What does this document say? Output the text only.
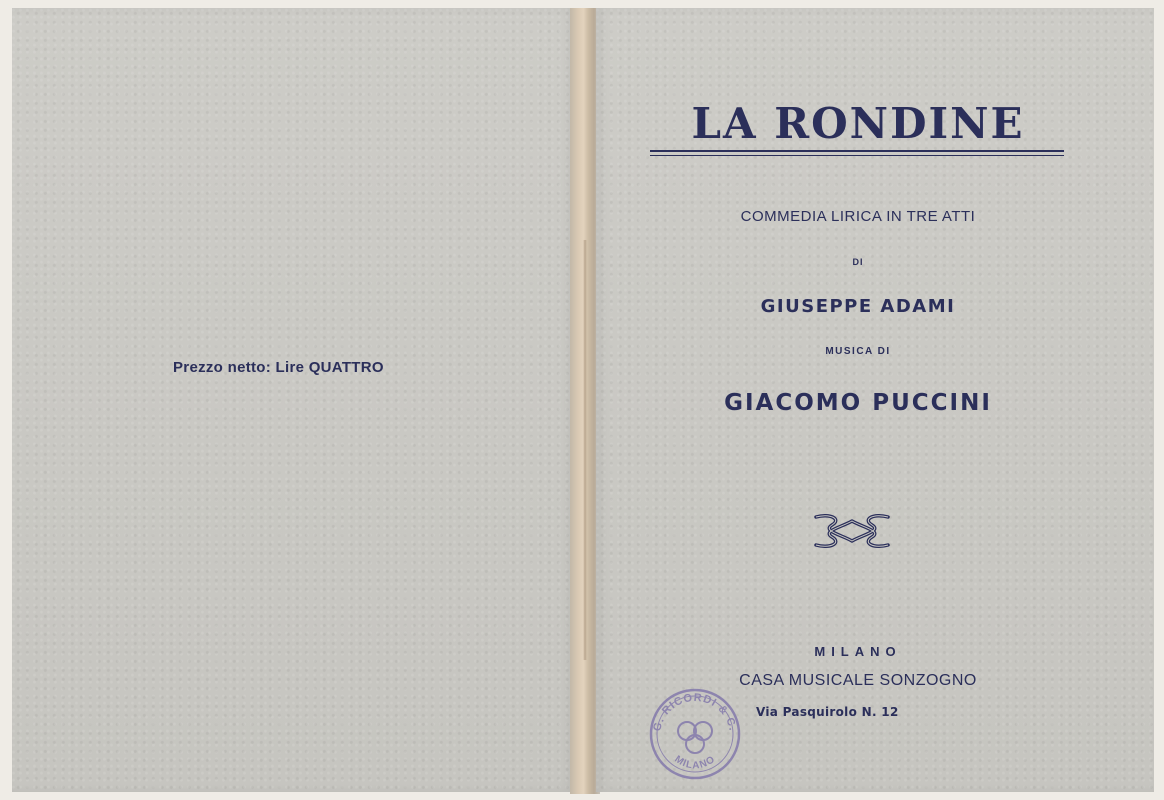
Prezzo netto: Lire QUATTRO
LA RONDINE
COMMEDIA LIRICA IN TRE ATTI
DI
GIUSEPPE ADAMI
MUSICA DI
GIACOMO PUCCINI
MILANO
CASA MUSICALE SONZOGNO
Via Pasquirolo N. 12
G. RICORDI & C.
MILANO
